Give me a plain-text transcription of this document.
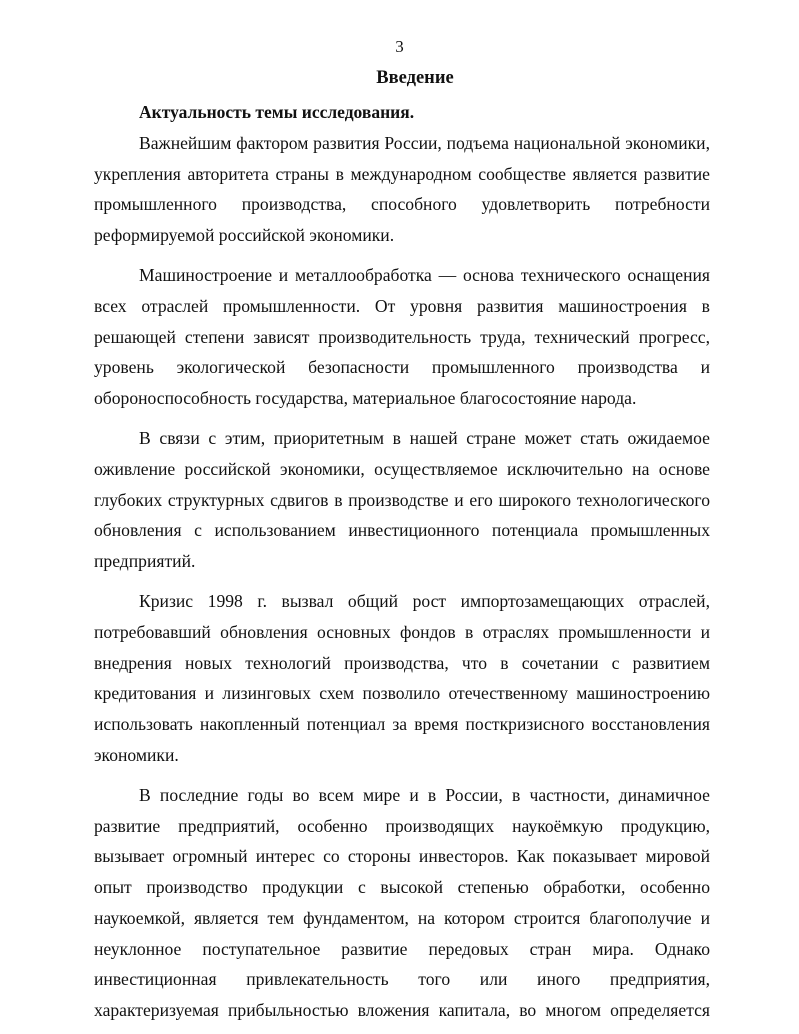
3
Введение
Актуальность темы исследования.

Важнейшим фактором развития России, подъема национальной экономики, укрепления авторитета страны в международном сообществе является развитие промышленного производства, способного удовлетворить потребности реформируемой российской экономики.

Машиностроение и металлообработка — основа технического оснащения всех отраслей промышленности. От уровня развития машиностроения в решающей степени зависят производительность труда, технический прогресс, уровень экологической безопасности промышленного производства и обороноспособность государства, материальное благосостояние народа.

В связи с этим, приоритетным в нашей стране может стать ожидаемое оживление российской экономики, осуществляемое исключительно на основе глубоких структурных сдвигов в производстве и его широкого технологического обновления с использованием инвестиционного потенциала промышленных предприятий.

Кризис 1998 г. вызвал общий рост импортозамещающих отраслей, потребовавший обновления основных фондов в отраслях промышленности и внедрения новых технологий производства, что в сочетании с развитием кредитования и лизинговых схем позволило отечественному машиностроению использовать накопленный потенциал за время посткризисного восстановления экономики.

В последние годы во всем мире и в России, в частности, динамичное развитие предприятий, особенно производящих наукоёмкую продукцию, вызывает огромный интерес со стороны инвесторов. Как показывает мировой опыт производство продукции с высокой степенью обработки, особенно наукоемкой, является тем фундаментом, на котором строится благополучие и неуклонное поступательное развитие передовых стран мира. Однако инвестиционная привлекательность того или иного предприятия, характеризуемая прибыльностью вложения капитала, во многом определяется
